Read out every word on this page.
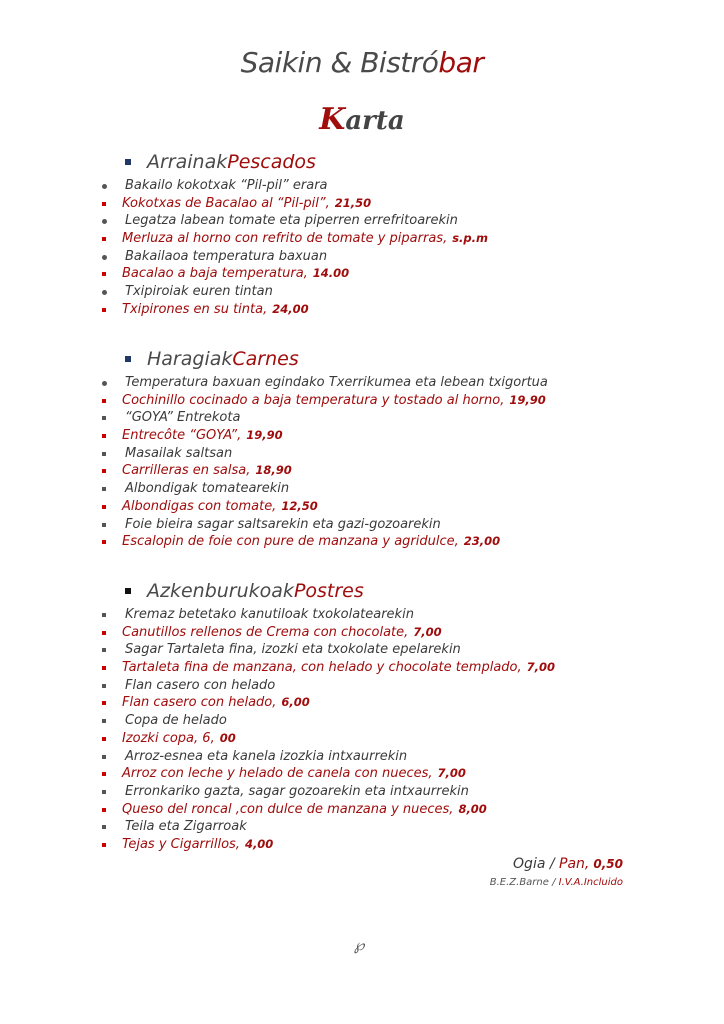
Saikin & Bistróbar
Karta
ArrainakPescados
Bakailo kokotxak “Pil-pil” erara
Kokotxas de Bacalao al “Pil-pil”, 21,50
Legatza labean tomate eta piperren errefritoarekin
Merluza al horno con refrito de tomate y piparras, s.p.m
Bakailaoa temperatura baxuan
Bacalao a baja temperatura, 14.00
Txipiroiak euren tintan
Txipirones en su tinta, 24,00
HaragiakCarnes
Temperatura baxuan egindako Txerrikumea eta lebean txigortua
Cochinillo cocinado a baja temperatura y tostado al horno, 19,90
“GOYA” Entrekota
Entrecôte “GOYA”, 19,90
Masailak saltsan
Carrilleras en salsa, 18,90
Albondigak tomatearekin
Albondigas con tomate, 12,50
Foie bieira sagar saltsarekin eta gazi-gozoarekin
Escalopin de foie con pure de manzana y agridulce, 23,00
AzkenburukoakPostres
Kremaz betetako kanutiloak txokolatearekin
Canutillos rellenos de Crema con chocolate, 7,00
Sagar Tartaleta fina, izozki eta txokolate epelarekin
Tartaleta fina de manzana, con helado y chocolate templado, 7,00
Flan casero con helado
Flan casero con helado, 6,00
Copa de helado
Izozki copa, 6, 00
Arroz-esnea eta kanela izozkia intxaurrekin
Arroz con leche y helado de canela con nueces, 7,00
Erronkariko gazta, sagar gozoarekin eta intxaurrekin
Queso del roncal ,con dulce de manzana y nueces, 8,00
Teila eta Zigarroak
Tejas y Cigarrillos, 4,00
Ogia / Pan, 0,50
B.E.Z.Barne / I.V.A.Incluido
℘
